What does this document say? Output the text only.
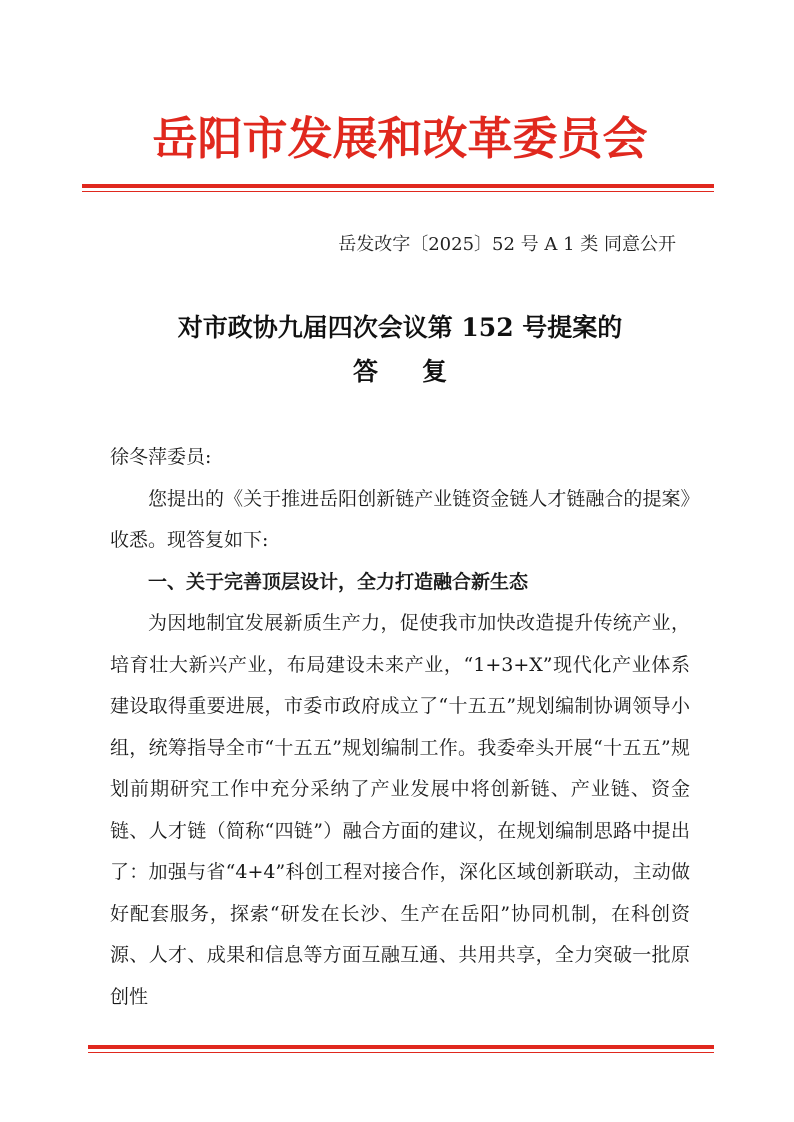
岳阳市发展和改革委员会
岳发改字〔2025〕52 号 A 1 类 同意公开
对市政协九届四次会议第 152 号提案的
答复

徐冬萍委员:

您提出的《关于推进岳阳创新链产业链资金链人才链融合的提案》收悉。现答复如下:

一、关于完善顶层设计，全力打造融合新生态

为因地制宜发展新质生产力，促使我市加快改造提升传统产业，培育壮大新兴产业，布局建设未来产业，“1+3+X”现代化产业体系建设取得重要进展，市委市政府成立了“十五五”规划编制协调领导小组，统筹指导全市“十五五”规划编制工作。我委牵头开展“十五五”规划前期研究工作中充分采纳了产业发展中将创新链、产业链、资金链、人才链（简称“四链”）融合方面的建议，在规划编制思路中提出了：加强与省“4+4”科创工程对接合作，深化区域创新联动，主动做好配套服务，探索“研发在长沙、生产在岳阳”协同机制，在科创资源、人才、成果和信息等方面互融互通、共用共享，全力突破一批原创性
